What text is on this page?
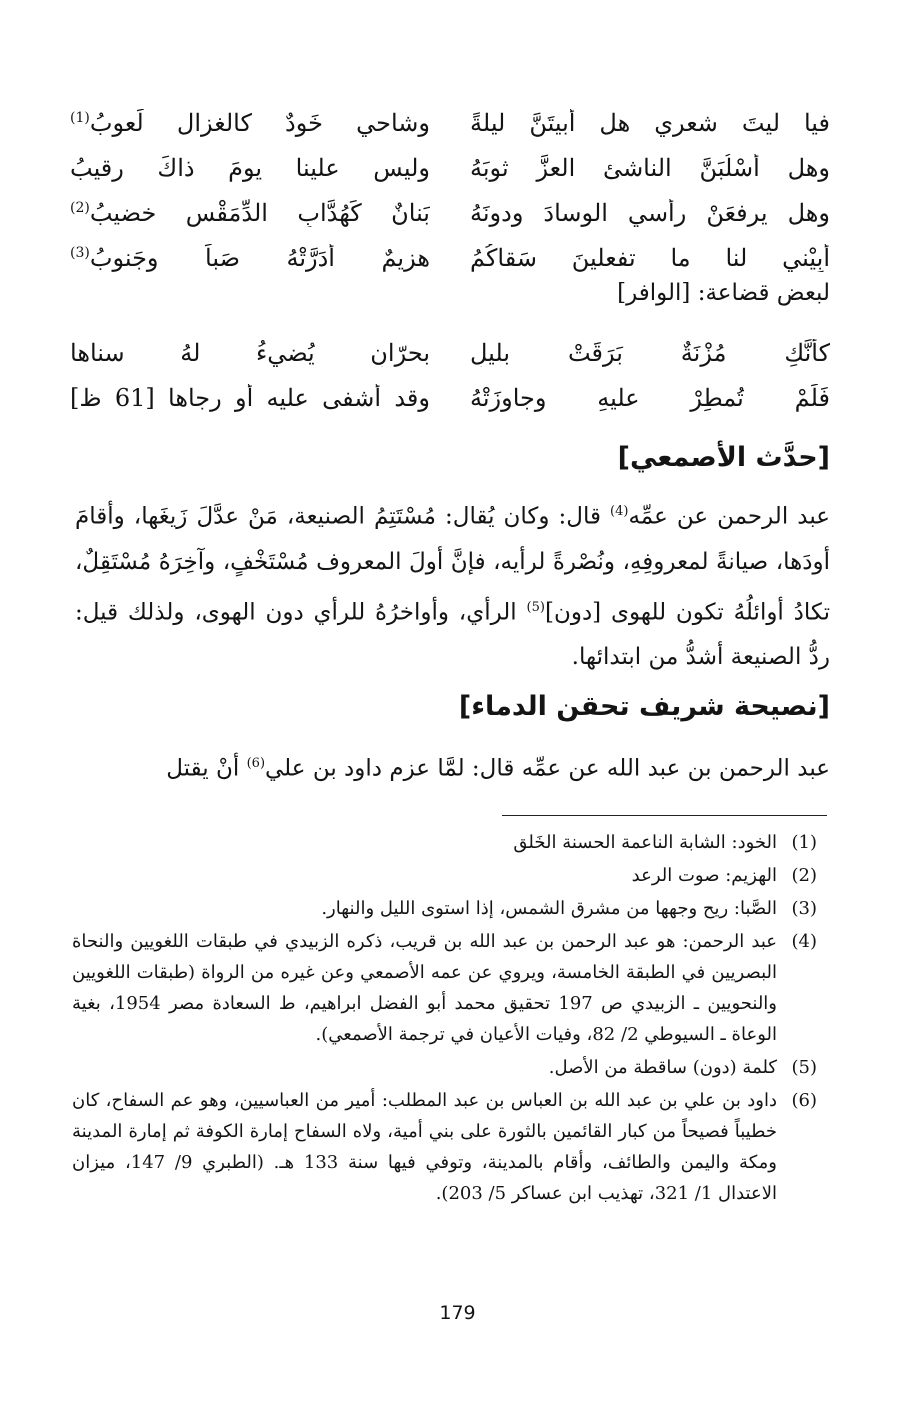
فيا ليتَ شعري هل أبيتَنَّ ليلةً
وشاحي خَودٌ كالغزالِ لَعوبُ$^{(1)}$
وهل أسْلُبَنَّ الناشئ العزَّ ثوبَهُ
وليس علينا يومَ ذاكَ رقيبُ
وهل يرفعَنْ رأسي الوسادَ ودونَهُ
بَنانٌ كَهُدَّابِ الدِّمَقْسِ خضيبُ$^{(2)}$
أبِيْني لنا ما تفعلينَ سَقاكُمُ
هزيمٌ أَدَرَّتْهُ صَباً وجَنوبُ$^{(3)}$
لبعض قضاعة: [الوافر]
كأنَّكِ مُزْنَةٌ بَرَقَتْ بليلٍ
بحرّانٍ يُضيءُ لهُ سناها
فَلَمْ تُمطِرْ عليهِ وجاوزَتْهُ
وقد أشفى عليه أو رجاها [61 ظ]
[حدَّث الأصمعي]
عبد الرحمن عن عمِّه$^{(4)}$ قال: وكان يُقال: مُسْتَتِمُ الصنيعة، مَنْ عدَّلَ زَيغَها، وأقامَ أودَها، صيانةً لمعروفِهِ، ونُصْرةً لرأيه، فإنَّ أولَ المعروف مُسْتَخْفٍ، وآخِرَهُ مُسْتَقِلٌ، تكادُ أوائلُهُ تكون للهوى [دون]$^{(5)}$ الرأي، وأواخرُهُ للرأي دون الهوى، ولذلك قيل: ردُّ الصنيعة أشدُّ من ابتدائها.
[نصيحة شريف تحقن الدماء]
عبد الرحمن بن عبد الله عن عمِّه قال: لمَّا عزم داود بن علي$^{(6)}$ أنْ يقتل
(1)
الخود: الشابة الناعمة الحسنة الخَلق
(2)
الهزيم: صوت الرعد
(3)
الصَّبا: ريح وجهها من مشرق الشمس، إذا استوى الليل والنهار.
(4)
عبد الرحمن: هو عبد الرحمن بن عبد الله بن قريب، ذكره الزبيدي في طبقات اللغويين والنحاة البصريين في الطبقة الخامسة، ويروي عن عمه الأصمعي وعن غيره من الرواة (طبقات اللغويين والنحويين ـ الزبيدي ص 197 تحقيق محمد أبو الفضل ابراهيم، ط السعادة مصر 1954، بغية الوعاة ـ السيوطي 2/ 82، وفيات الأعيان في ترجمة الأصمعي).
(5)
كلمة (دون) ساقطة من الأصل.
(6)
داود بن علي بن عبد الله بن العباس بن عبد المطلب: أمير من العباسيين، وهو عم السفاح، كان خطيباً فصيحاً من كبار القائمين بالثورة على بني أمية، ولاه السفاح إمارة الكوفة ثم إمارة المدينة ومكة واليمن والطائف، وأقام بالمدينة، وتوفي فيها سنة 133 هـ. (الطبري 9/ 147، ميزان الاعتدال 1/ 321، تهذيب ابن عساكر 5/ 203).
179
